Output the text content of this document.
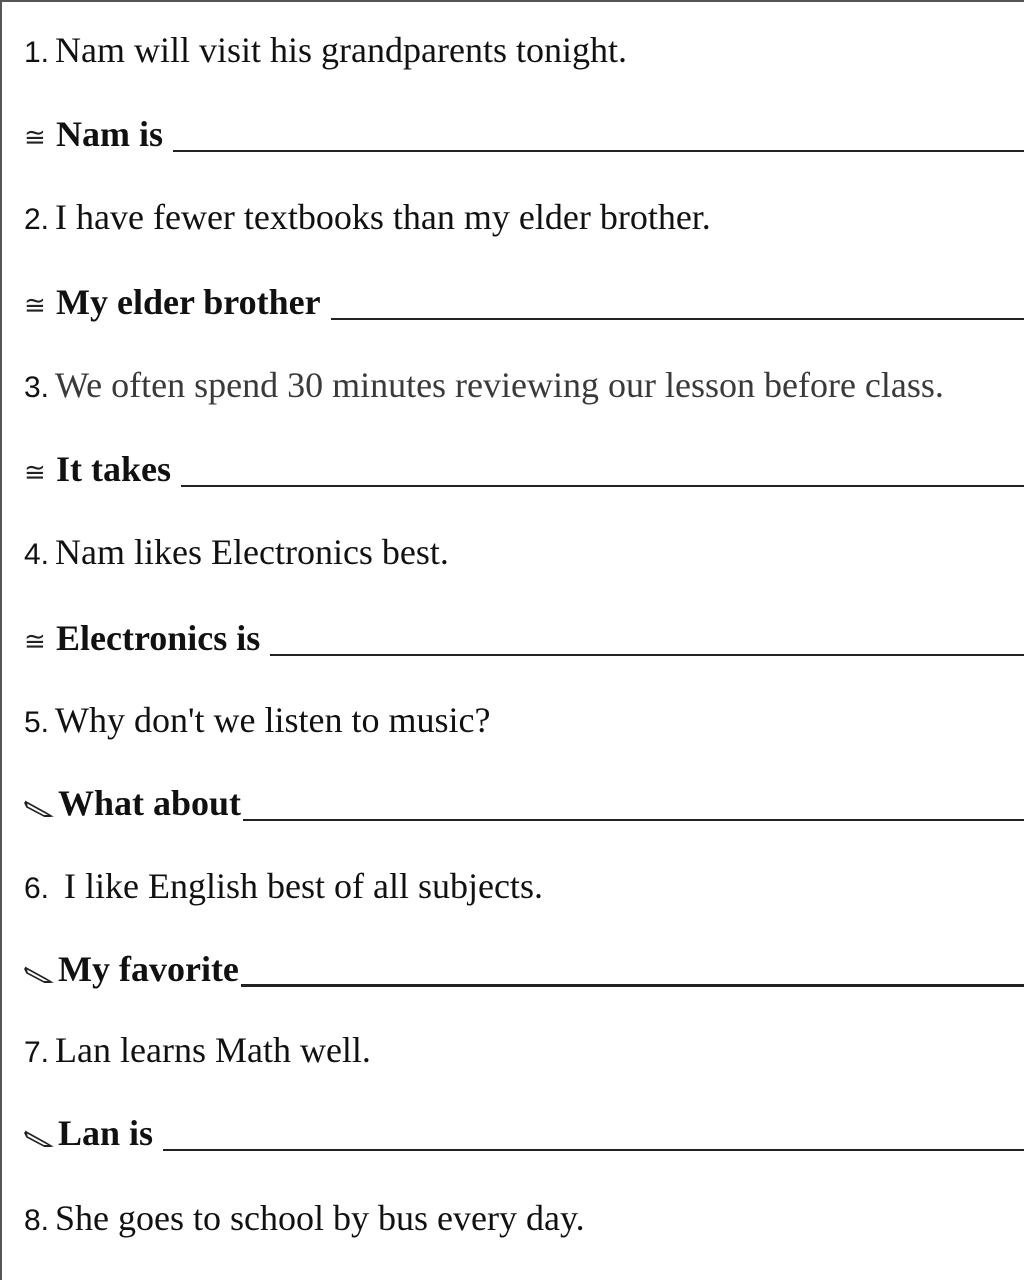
1. Nam will visit his grandparents tonight.
≅ Nam is
2. I have fewer textbooks than my elder brother.
≅ My elder brother
3. We often spend 30 minutes reviewing our lesson before class.
≅ It takes
4. Nam likes Electronics best.
≅ Electronics is
5. Why don't we listen to music?
What about
6. I like English best of all subjects.
My favorite
7. Lan learns Math well.
Lan is
8. She goes to school by bus every day.
